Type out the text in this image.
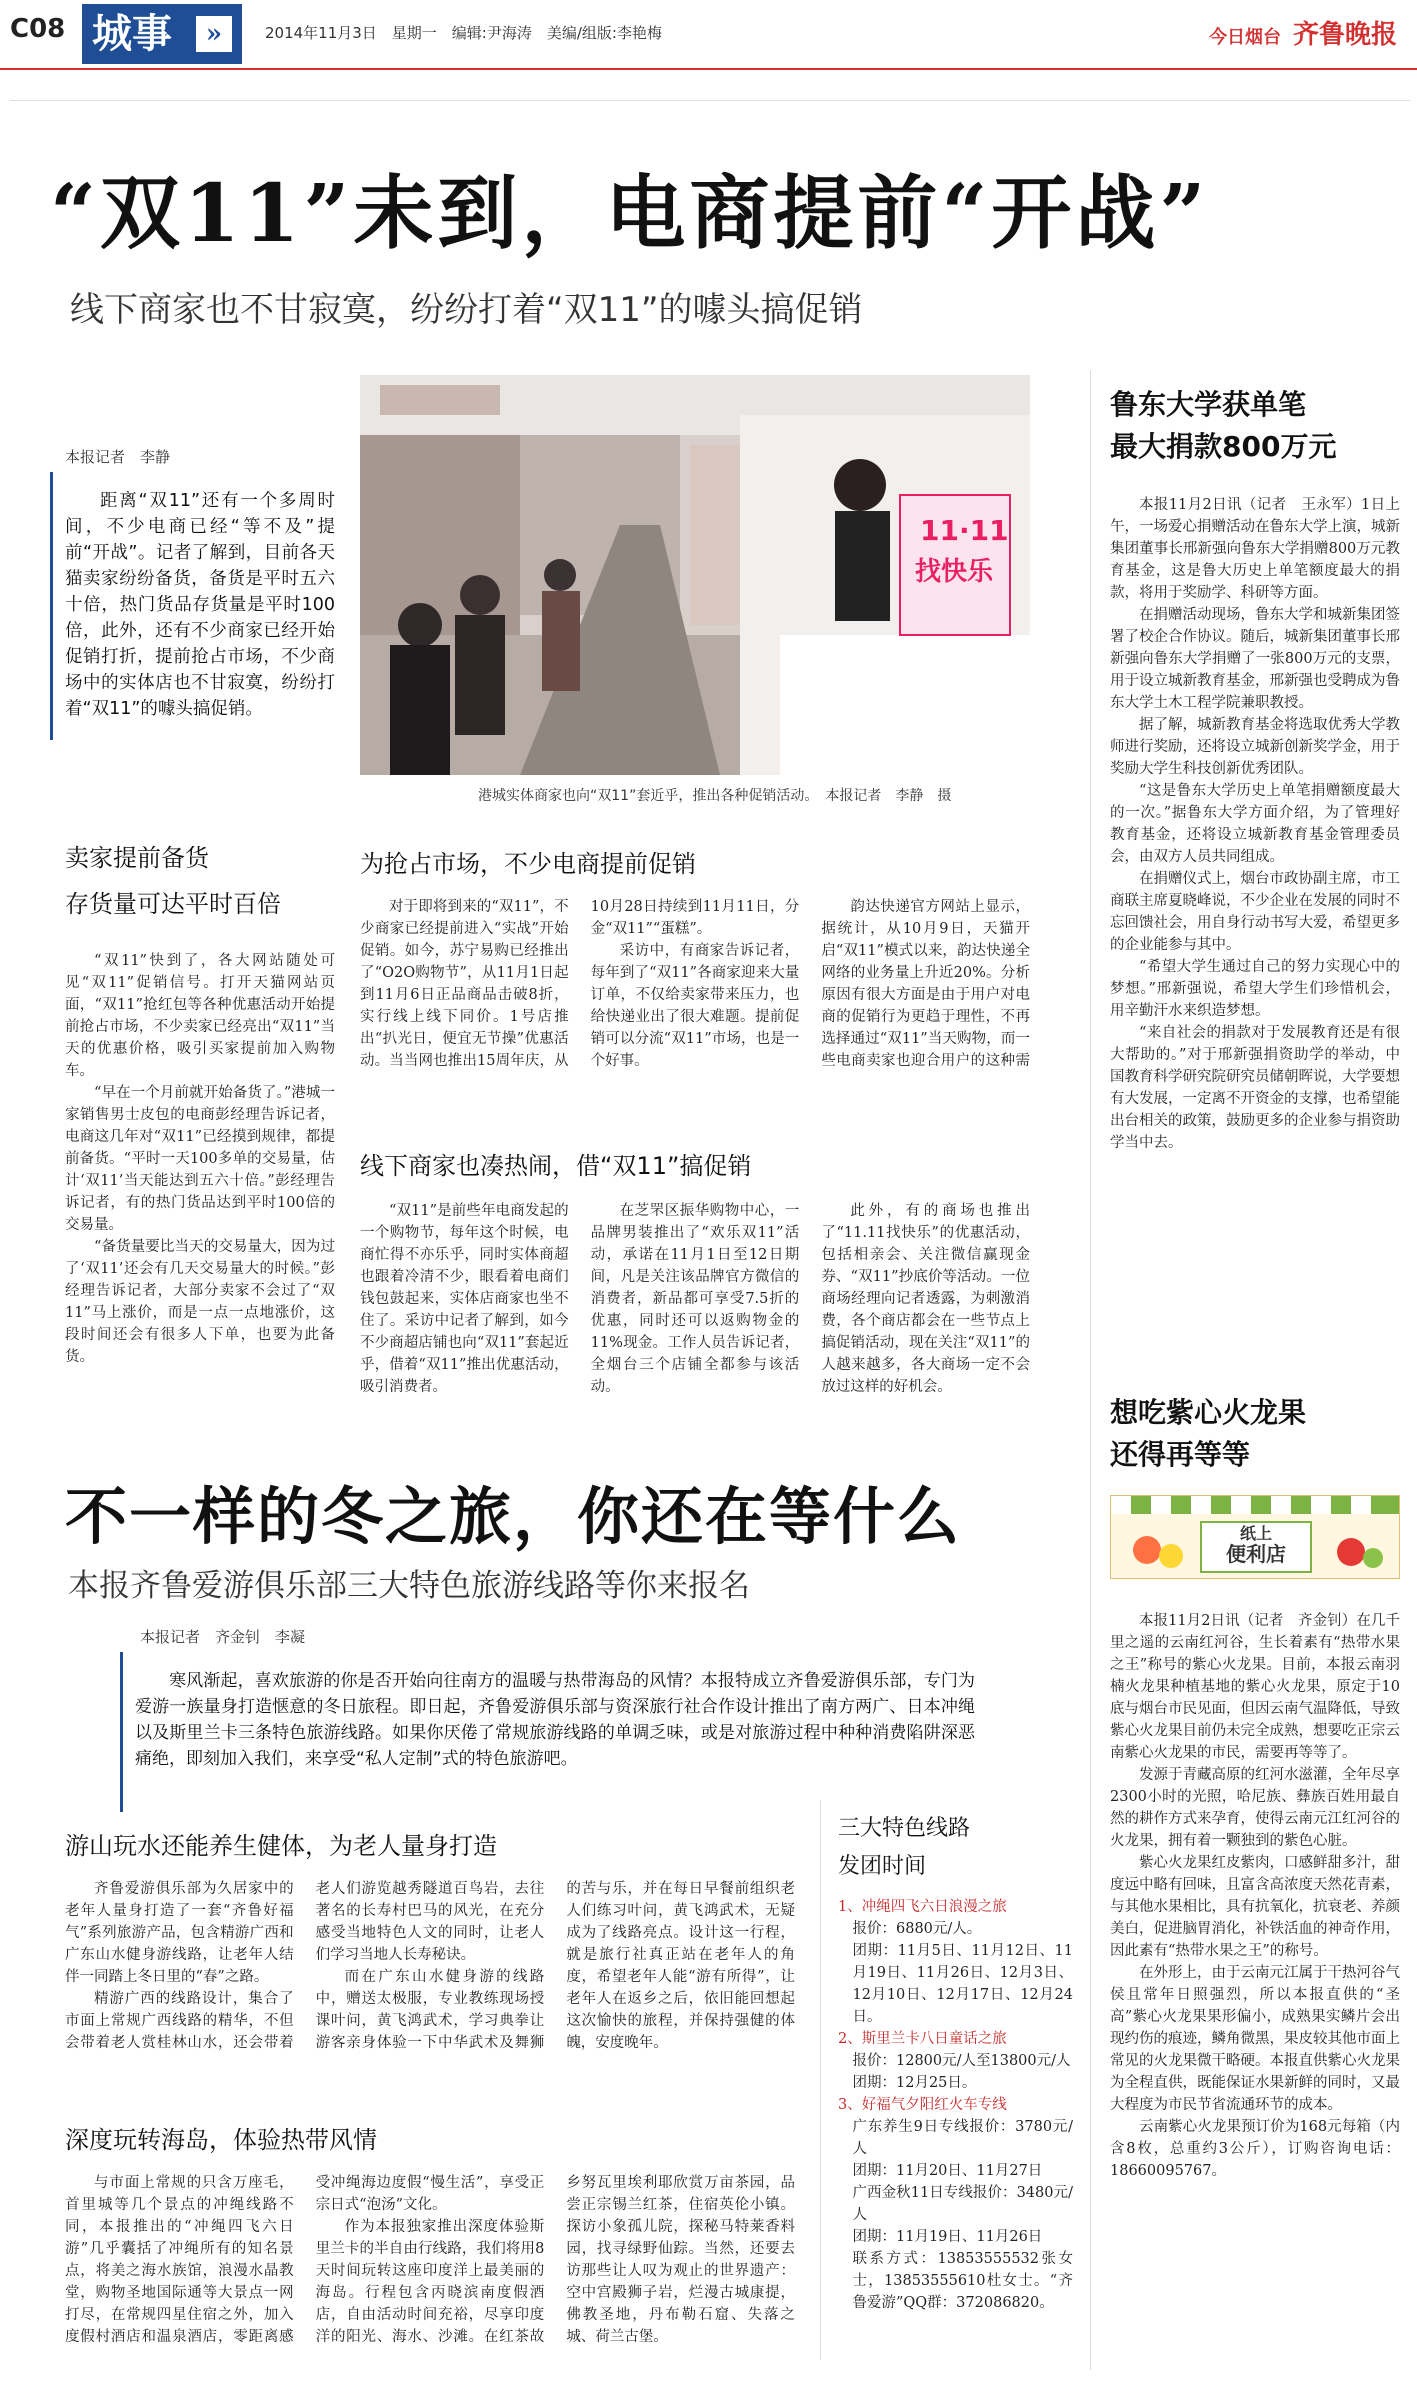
C08 城事	»	2014年11月3日　星期一　编辑:尹海涛　美编/组版:李艳梅	今日烟台 齐鲁晚报
“双11”未到，电商提前“开战”
线下商家也不甘寂寞，纷纷打着“双11”的噱头搞促销
本报记者　李静
距离“双11”还有一个多周时间，不少电商已经“等不及”提前“开战”。记者了解到，目前各天猫卖家纷纷备货，备货是平时五六十倍，热门货品存货量是平时100倍，此外，还有不少商家已经开始促销打折，提前抢占市场，不少商场中的实体店也不甘寂寞，纷纷打着“双11”的噱头搞促销。
11·11
找快乐
港城实体商家也向“双11”套近乎，推出各种促销活动。　本报记者　李静　摄
卖家提前备货
存货量可达平时百倍

“双11”快到了，各大网站随处可见“双11”促销信号。打开天猫网站页面，“双11”抢红包等各种优惠活动开始提前抢占市场，不少卖家已经亮出“双11”当天的优惠价格，吸引买家提前加入购物车。

“早在一个月前就开始备货了。”港城一家销售男士皮包的电商彭经理告诉记者，电商这几年对“双11”已经摸到规律，都提前备货。“平时一天100多单的交易量，估计‘双11’当天能达到五六十倍。”彭经理告诉记者，有的热门货品达到平时100倍的交易量。

“备货量要比当天的交易量大，因为过了‘双11’还会有几天交易量大的时候。”彭经理告诉记者，大部分卖家不会过了“双11”马上涨价，而是一点一点地涨价，这段时间还会有很多人下单，也要为此备货。

为抢占市场，不少电商提前促销

对于即将到来的“双11”，不少商家已经提前进入“实战”开始促销。如今，苏宁易购已经推出了“O2O购物节”，从11月1日起到11月6日正品商品击破8折，实行线上线下同价。1号店推出“扒光日，便宜无节操”优惠活动。当当网也推出15周年庆，从10月28日持续到11月11日，分金“双11”“蛋糕”。

采访中，有商家告诉记者，每年到了“双11”各商家迎来大量订单，不仅给卖家带来压力，也给快递业出了很大难题。提前促销可以分流“双11”市场，也是一个好事。

韵达快递官方网站上显示，据统计，从10月9日，天猫开启“双11”模式以来，韵达快递全网络的业务量上升近20%。分析原因有很大方面是由于用户对电商的促销行为更趋于理性，不再选择通过“双11”当天购物，而一些电商卖家也迎合用户的这种需

线下商家也凑热闹，借“双11”搞促销

“双11”是前些年电商发起的一个购物节，每年这个时候，电商忙得不亦乐乎，同时实体商超也跟着冷清不少，眼看着电商们钱包鼓起来，实体店商家也坐不住了。采访中记者了解到，如今不少商超店铺也向“双11”套起近乎，借着“双11”推出优惠活动，吸引消费者。

在芝罘区振华购物中心，一品牌男装推出了“欢乐双11”活动，承诺在11月1日至12日期间，凡是关注该品牌官方微信的消费者，新品都可享受7.5折的优惠，同时还可以返购物金的11%现金。工作人员告诉记者，全烟台三个店铺全都参与该活动。

此外，有的商场也推出了“11.11找快乐”的优惠活动，包括相亲会、关注微信赢现金券、“双11”抄底价等活动。一位商场经理向记者透露，为刺激消费，各个商店都会在一些节点上搞促销活动，现在关注“双11”的人越来越多，各大商场一定不会放过这样的好机会。

鲁东大学获单笔
最大捐款800万元

本报11月2日讯（记者　王永军）1日上午，一场爱心捐赠活动在鲁东大学上演，城新集团董事长邢新强向鲁东大学捐赠800万元教育基金，这是鲁大历史上单笔额度最大的捐款，将用于奖励学、科研等方面。

在捐赠活动现场，鲁东大学和城新集团签署了校企合作协议。随后，城新集团董事长邢新强向鲁东大学捐赠了一张800万元的支票，用于设立城新教育基金，邢新强也受聘成为鲁东大学土木工程学院兼职教授。

据了解，城新教育基金将选取优秀大学教师进行奖励，还将设立城新创新奖学金，用于奖励大学生科技创新优秀团队。

“这是鲁东大学历史上单笔捐赠额度最大的一次。”据鲁东大学方面介绍，为了管理好教育基金，还将设立城新教育基金管理委员会，由双方人员共同组成。

在捐赠仪式上，烟台市政协副主席，市工商联主席夏晓峰说，不少企业在发展的同时不忘回馈社会，用自身行动书写大爱，希望更多的企业能参与其中。

“希望大学生通过自己的努力实现心中的梦想。”邢新强说，希望大学生们珍惜机会，用辛勤汗水来织造梦想。

“来自社会的捐款对于发展教育还是有很大帮助的。”对于邢新强捐资助学的举动，中国教育科学研究院研究员储朝晖说，大学要想有大发展，一定离不开资金的支撑，也希望能出台相关的政策，鼓励更多的企业参与捐资助学当中去。

想吃紫心火龙果
还得再等等
纸上
便利店

本报11月2日讯（记者　齐金钊）在几千里之遥的云南红河谷，生长着素有“热带水果之王”称号的紫心火龙果。目前，本报云南羽楠火龙果种植基地的紫心火龙果，原定于10底与烟台市民见面，但因云南气温降低，导致紫心火龙果目前仍未完全成熟，想要吃正宗云南紫心火龙果的市民，需要再等等了。

发源于青藏高原的红河水滋灌，全年尽享2300小时的光照，哈尼族、彝族百姓用最自然的耕作方式来孕育，使得云南元江红河谷的火龙果，拥有着一颗独到的紫色心脏。

紫心火龙果红皮紫肉，口感鲜甜多汁，甜度远中略有回味，且富含高浓度天然花青素，与其他水果相比，具有抗氧化，抗衰老、养颜美白，促进脑胃消化，补铁活血的神奇作用，因此素有“热带水果之王”的称号。

在外形上，由于云南元江属于干热河谷气侯且常年日照强烈，所以本报直供的“圣高”紫心火龙果果形偏小，成熟果实鳞片会出现约伤的痕迹，鳞角微黑，果皮较其他市面上常见的火龙果微干略硬。本报直供紫心火龙果为全程直供，既能保证水果新鲜的同时，又最大程度为市民节省流通环节的成本。

云南紫心火龙果预订价为168元每箱（内含8枚，总重约3公斤），订购咨询电话：18660095767。

不一样的冬之旅，你还在等什么
本报齐鲁爱游俱乐部三大特色旅游线路等你来报名
本报记者　齐金钊　李凝
寒风渐起，喜欢旅游的你是否开始向往南方的温暖与热带海岛的风情？本报特成立齐鲁爱游俱乐部，专门为爱游一族量身打造惬意的冬日旅程。即日起，齐鲁爱游俱乐部与资深旅行社合作设计推出了南方两广、日本冲绳以及斯里兰卡三条特色旅游线路。如果你厌倦了常规旅游线路的单调乏味，或是对旅游过程中种种消费陷阱深恶痛绝，即刻加入我们，来享受“私人定制”式的特色旅游吧。
游山玩水还能养生健体，为老人量身打造

齐鲁爱游俱乐部为久居家中的老年人量身打造了一套“齐鲁好福气”系列旅游产品，包含精游广西和广东山水健身游线路，让老年人结伴一同踏上冬日里的“春”之路。

精游广西的线路设计，集合了市面上常规广西线路的精华，不但会带着老人赏桂林山水，还会带着老人们游览越秀隧道百鸟岩，去往著名的长寿村巴马的风光，在充分感受当地特色人文的同时，让老人们学习当地人长寿秘诀。

而在广东山水健身游的线路中，赠送太极服，专业教练现场授课叶问，黄飞鸿武术，学习典拳让游客亲身体验一下中华武术及舞狮的苦与乐，并在每日早餐前组织老人们练习叶问，黄飞鸿武术，无疑成为了线路亮点。设计这一行程，就是旅行社真正站在老年人的角度，希望老年人能“游有所得”，让老年人在返乡之后，依旧能回想起这次愉快的旅程，并保持强健的体魄，安度晚年。

深度玩转海岛，体验热带风情

与市面上常规的只含万座毛，首里城等几个景点的冲绳线路不同，本报推出的“冲绳四飞六日游”几乎囊括了冲绳所有的知名景点，将美之海水族馆，浪漫水晶教堂，购物圣地国际通等大景点一网打尽，在常规四星住宿之外，加入度假村酒店和温泉酒店，零距离感受冲绳海边度假“慢生活”，享受正宗日式“泡汤”文化。

作为本报独家推出深度体验斯里兰卡的半自由行线路，我们将用8天时间玩转这座印度洋上最美丽的海岛。行程包含丙晓滨南度假酒店，自由活动时间充裕，尽享印度洋的阳光、海水、沙滩。在红茶故乡努瓦里埃利耶欣赏万亩茶园，品尝正宗锡兰红茶，住宿英伦小镇。探访小象孤儿院，探秘马特莱香料园，找寻绿野仙踪。当然，还要去访那些让人叹为观止的世界遗产：空中宫殿狮子岩，烂漫古城康提，佛教圣地，丹布勒石窟、失落之城、荷兰古堡。

三大特色线路
发团时间
1、冲绳四飞六日浪漫之旅
报价：6880元/人。
团期：11月5日、11月12日、11月19日、11月26日、12月3日、12月10日、12月17日、12月24日。
2、斯里兰卡八日童话之旅
报价：12800元/人至13800元/人
团期：12月25日。
3、好福气夕阳红火车专线
广东养生9日专线报价：3780元/人
团期：11月20日、11月27日
广西金秋11日专线报价：3480元/人
团期：11月19日、11月26日
联系方式：13853555532张女士，13853555610杜女士。“齐鲁爱游”QQ群：372086820。
